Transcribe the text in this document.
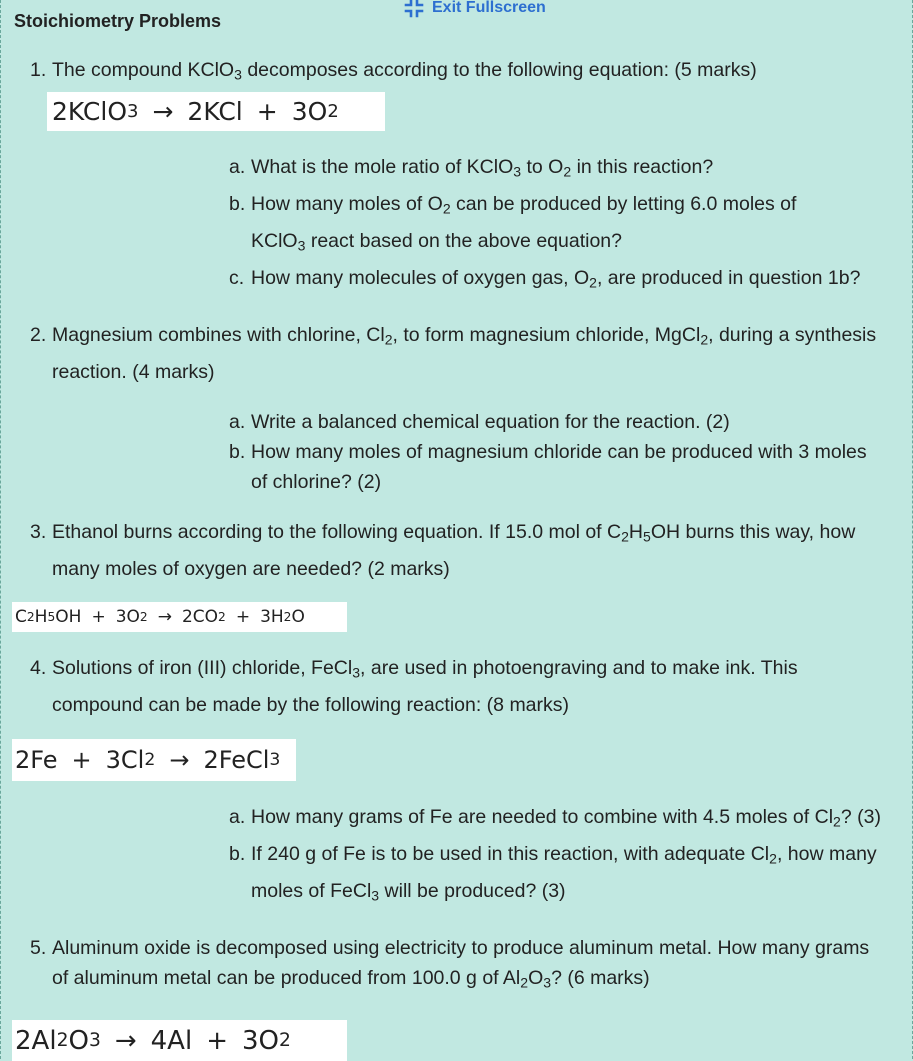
Exit Fullscreen
Stoichiometry Problems
1. The compound KClO$_3$ decomposes according to the following equation: (5 marks)
2KClO 3 → 2KCl + 3O 2
a. What is the mole ratio of KClO$_3$ to $O_2$ in this reaction?
b. How many moles of $O_2$ can be produced by letting 6.0 moles of
KClO$_3$ react based on the above equation?
c. How many molecules of oxygen gas, $O_2$, are produced in question 1b?
2. Magnesium combines with chlorine, $Cl_2$, to form magnesium chloride, MgCl$_2$, during a synthesis
reaction. (4 marks)
a. Write a balanced chemical equation for the reaction. (2)
b. How many moles of magnesium chloride can be produced with 3 moles
of chlorine? (2)
3. Ethanol burns according to the following equation. If 15.0 mol of $C_2H_5OH$ burns this way, how
many moles of oxygen are needed? (2 marks)
C 2 H 5 OH + 3O 2 → 2CO 2 + 3H 2 O
4. Solutions of iron (III) chloride, FeCl$_3$, are used in photoengraving and to make ink. This
compound can be made by the following reaction: (8 marks)
2Fe + 3Cl 2 → 2FeCl 3
a. How many grams of Fe are needed to combine with 4.5 moles of $Cl_2$? (3)
b. If 240 g of Fe is to be used in this reaction, with adequate $Cl_2$, how many
moles of FeCl$_3$ will be produced? (3)
5. Aluminum oxide is decomposed using electricity to produce aluminum metal. How many grams
of aluminum metal can be produced from 100.0 g of $Al_2O_3$? (6 marks)
2Al 2 O 3 → 4Al + 3O 2
